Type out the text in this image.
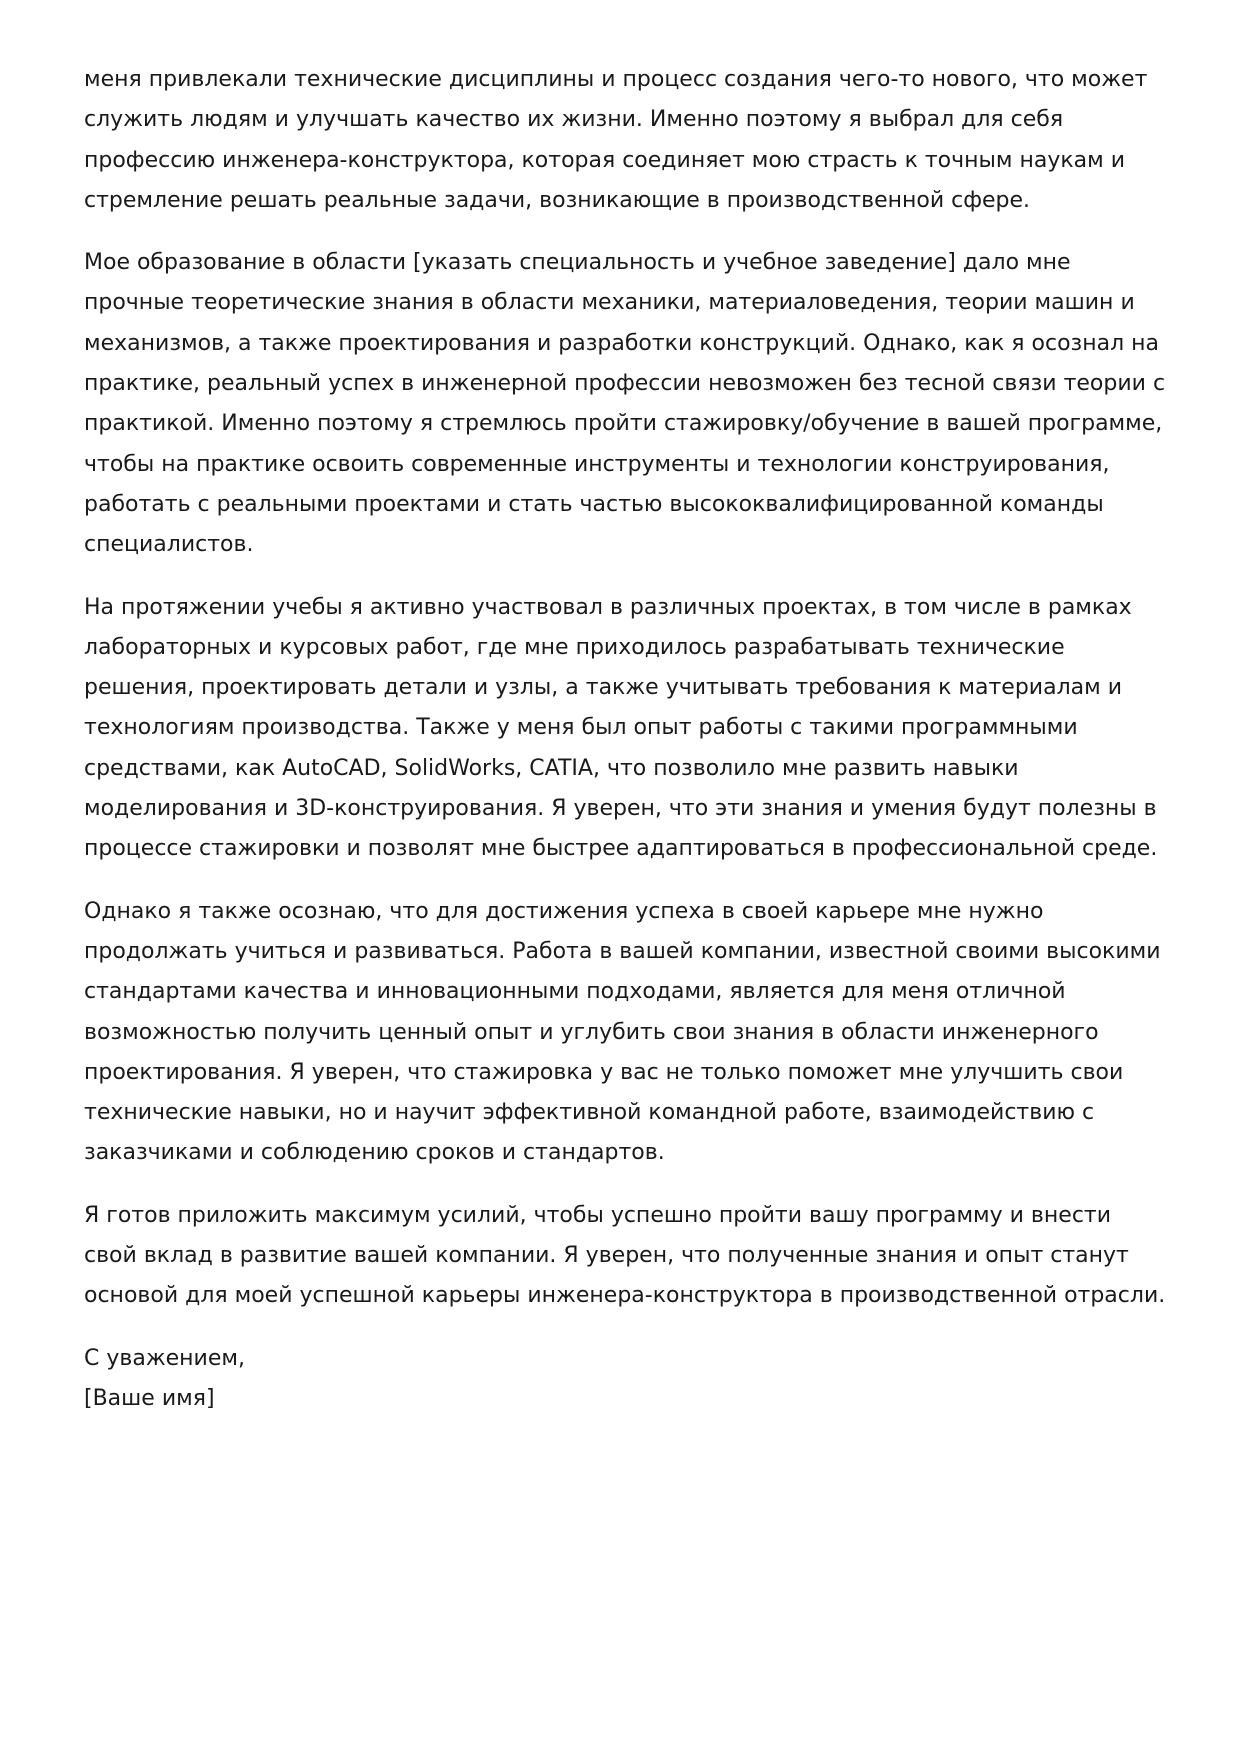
меня привлекали технические дисциплины и процесс создания чего-то нового, что может
служить людям и улучшать качество их жизни. Именно поэтому я выбрал для себя
профессию инженера-конструктора, которая соединяет мою страсть к точным наукам и
стремление решать реальные задачи, возникающие в производственной сфере.

Мое образование в области [указать специальность и учебное заведение] дало мне
прочные теоретические знания в области механики, материаловедения, теории машин и
механизмов, а также проектирования и разработки конструкций. Однако, как я осознал на
практике, реальный успех в инженерной профессии невозможен без тесной связи теории с
практикой. Именно поэтому я стремлюсь пройти стажировку/обучение в вашей программе,
чтобы на практике освоить современные инструменты и технологии конструирования,
работать с реальными проектами и стать частью высококвалифицированной команды
специалистов.

На протяжении учебы я активно участвовал в различных проектах, в том числе в рамках
лабораторных и курсовых работ, где мне приходилось разрабатывать технические
решения, проектировать детали и узлы, а также учитывать требования к материалам и
технологиям производства. Также у меня был опыт работы с такими программными
средствами, как AutoCAD, SolidWorks, CATIA, что позволило мне развить навыки
моделирования и 3D-конструирования. Я уверен, что эти знания и умения будут полезны в
процессе стажировки и позволят мне быстрее адаптироваться в профессиональной среде.

Однако я также осознаю, что для достижения успеха в своей карьере мне нужно
продолжать учиться и развиваться. Работа в вашей компании, известной своими высокими
стандартами качества и инновационными подходами, является для меня отличной
возможностью получить ценный опыт и углубить свои знания в области инженерного
проектирования. Я уверен, что стажировка у вас не только поможет мне улучшить свои
технические навыки, но и научит эффективной командной работе, взаимодействию с
заказчиками и соблюдению сроков и стандартов.

Я готов приложить максимум усилий, чтобы успешно пройти вашу программу и внести
свой вклад в развитие вашей компании. Я уверен, что полученные знания и опыт станут
основой для моей успешной карьеры инженера-конструктора в производственной отрасли.

С уважением,
[Ваше имя]
